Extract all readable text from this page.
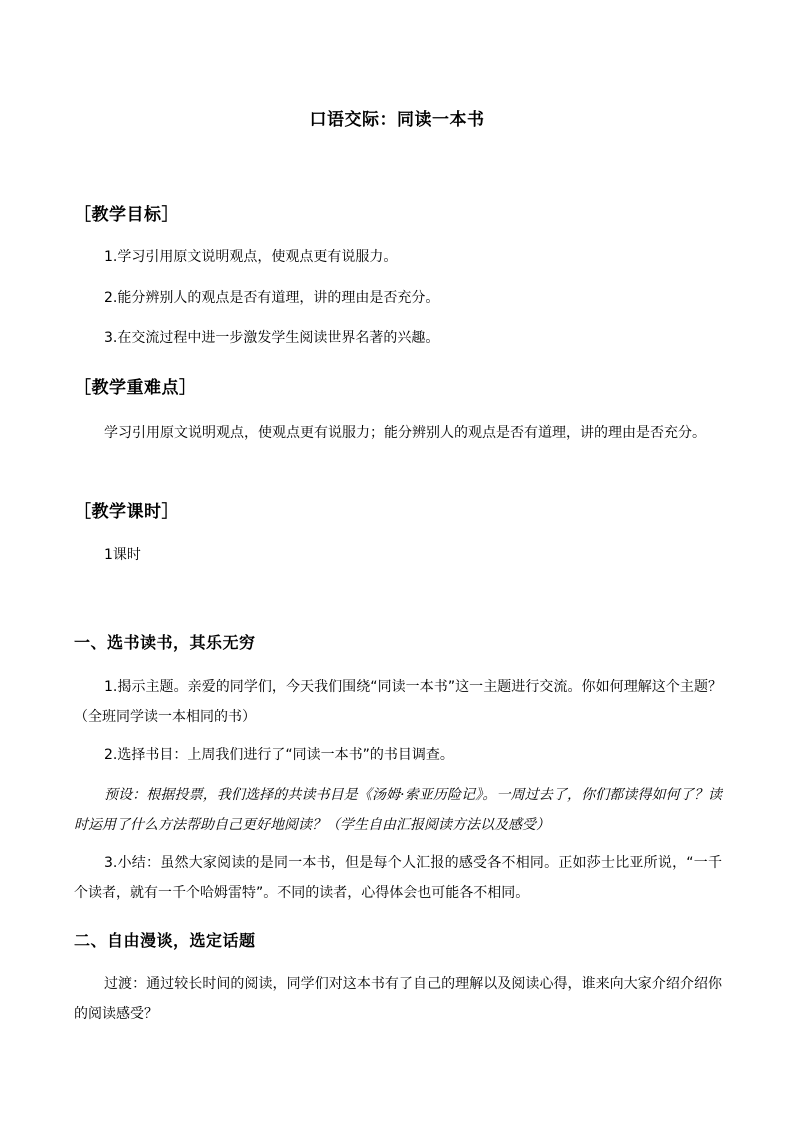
口语交际：同读一本书
［教学目标］
1.学习引用原文说明观点，使观点更有说服力。
2.能分辨别人的观点是否有道理，讲的理由是否充分。
3.在交流过程中进一步激发学生阅读世界名著的兴趣。
［教学重难点］
学习引用原文说明观点，使观点更有说服力；能分辨别人的观点是否有道理，讲的理由是否充分。
［教学课时］
1课时
一、选书读书，其乐无穷
1.揭示主题。亲爱的同学们，今天我们围绕“同读一本书”这一主题进行交流。你如何理解这个主题？（全班同学读一本相同的书）
2.选择书目：上周我们进行了“同读一本书”的书目调查。
预设：根据投票，我们选择的共读书目是《汤姆·索亚历险记》。一周过去了，你们都读得如何了？读时运用了什么方法帮助自己更好地阅读？（学生自由汇报阅读方法以及感受）
3.小结：虽然大家阅读的是同一本书，但是每个人汇报的感受各不相同。正如莎士比亚所说，“一千个读者，就有一千个哈姆雷特”。不同的读者，心得体会也可能各不相同。
二、自由漫谈，选定话题
过渡：通过较长时间的阅读，同学们对这本书有了自己的理解以及阅读心得，谁来向大家介绍介绍你的阅读感受？
